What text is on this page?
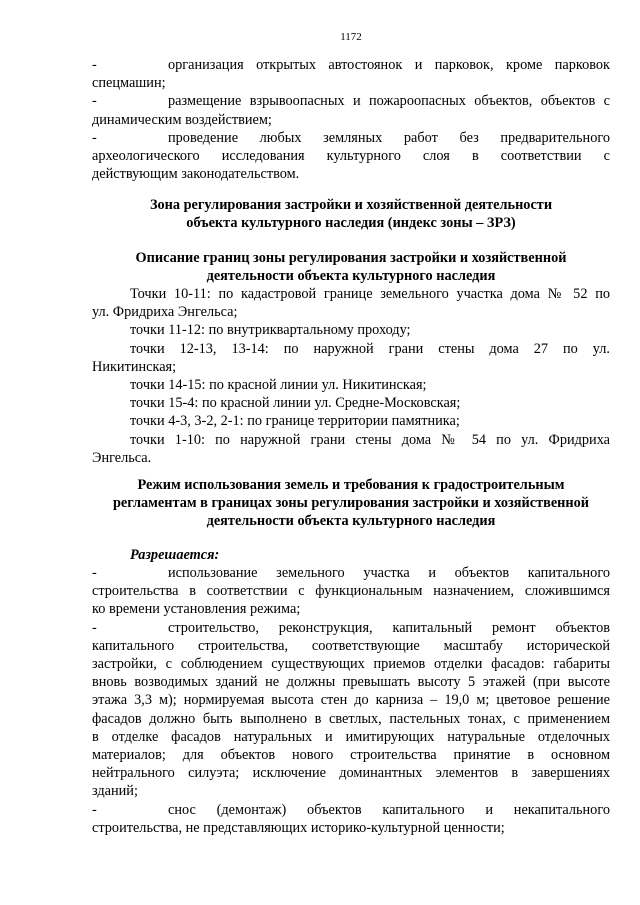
1172
-	организация открытых автостоянок и парковок, кроме парковок
спецмашин;
-	размещение взрывоопасных и пожароопасных объектов, объектов с
динамическим воздействием;
-	проведение любых земляных работ без предварительного
археологического исследования культурного слоя в соответствии с
действующим законодательством.
Зона регулирования застройки и хозяйственной деятельности
объекта культурного наследия (индекс зоны – ЗРЗ)
Описание границ зоны регулирования застройки и хозяйственной
деятельности объекта культурного наследия
Точки 10-11: по кадастровой границе земельного участка дома № 52 по
ул. Фридриха Энгельса;
точки 11-12: по внутриквартальному проходу;
точки 12-13, 13-14: по наружной грани стены дома 27 по ул.
Никитинская;
точки 14-15: по красной линии ул. Никитинская;
точки 15-4: по красной линии ул. Средне-Московская;
точки 4-3, 3-2, 2-1: по границе территории памятника;
точки 1-10: по наружной грани стены дома № 54 по ул. Фридриха
Энгельса.
Режим использования земель и требования к градостроительным
регламентам в границах зоны регулирования застройки и хозяйственной
деятельности объекта культурного наследия
Разрешается:
-	использование земельного участка и объектов капитального
строительства в соответствии с функциональным назначением, сложившимся
ко времени установления режима;
-	строительство, реконструкция, капитальный ремонт объектов
капитального строительства, соответствующие масштабу исторической
застройки, с соблюдением существующих приемов отделки фасадов: габариты
вновь возводимых зданий не должны превышать высоту 5 этажей (при высоте
этажа 3,3 м); нормируемая высота стен до карниза – 19,0 м; цветовое решение
фасадов должно быть выполнено в светлых, пастельных тонах, с применением
в отделке фасадов натуральных и имитирующих натуральные отделочных
материалов; для объектов нового строительства принятие в основном
нейтрального силуэта; исключение доминантных элементов в завершениях
зданий;
-	снос (демонтаж) объектов капитального и некапитального
строительства, не представляющих историко-культурной ценности;
